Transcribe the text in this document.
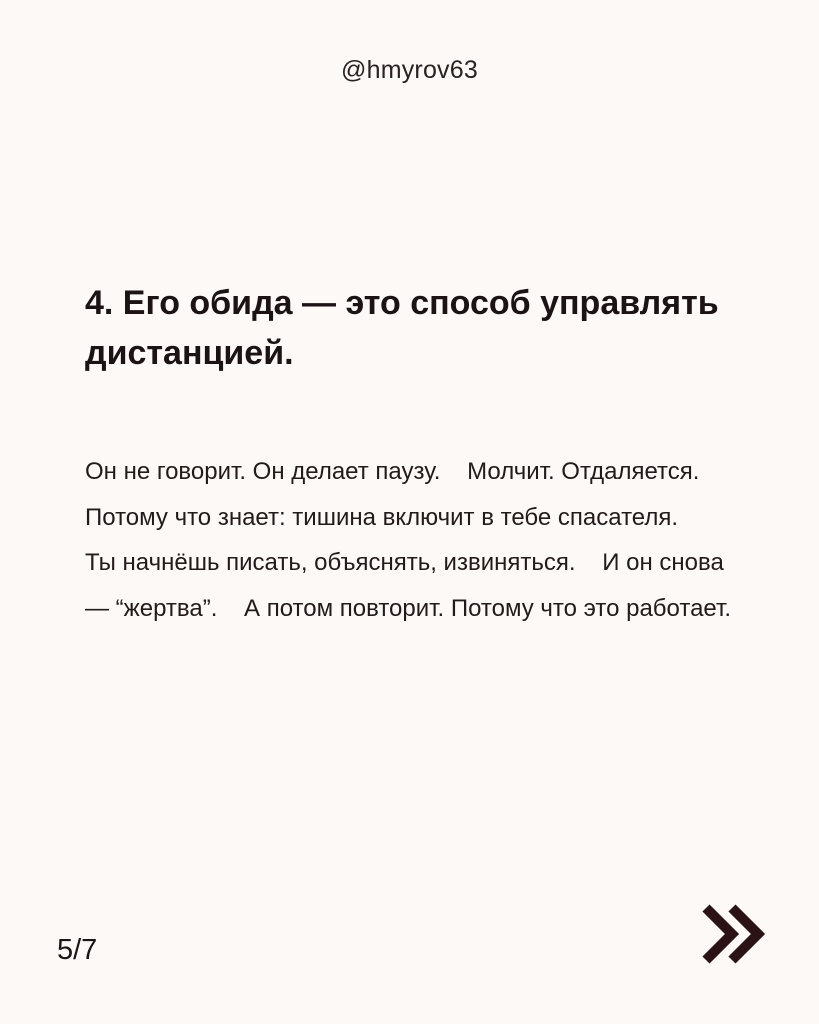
@hmyrov63
4. Его обида — это способ управлять дистанцией.
Он не говорит. Он делает паузу.    Молчит. Отдаляется.    Потому что знает: тишина включит в тебе спасателя.    Ты начнёшь писать, объяснять, извиняться.    И он снова — “жертва”.    А потом повторит. Потому что это работает.
5/7
